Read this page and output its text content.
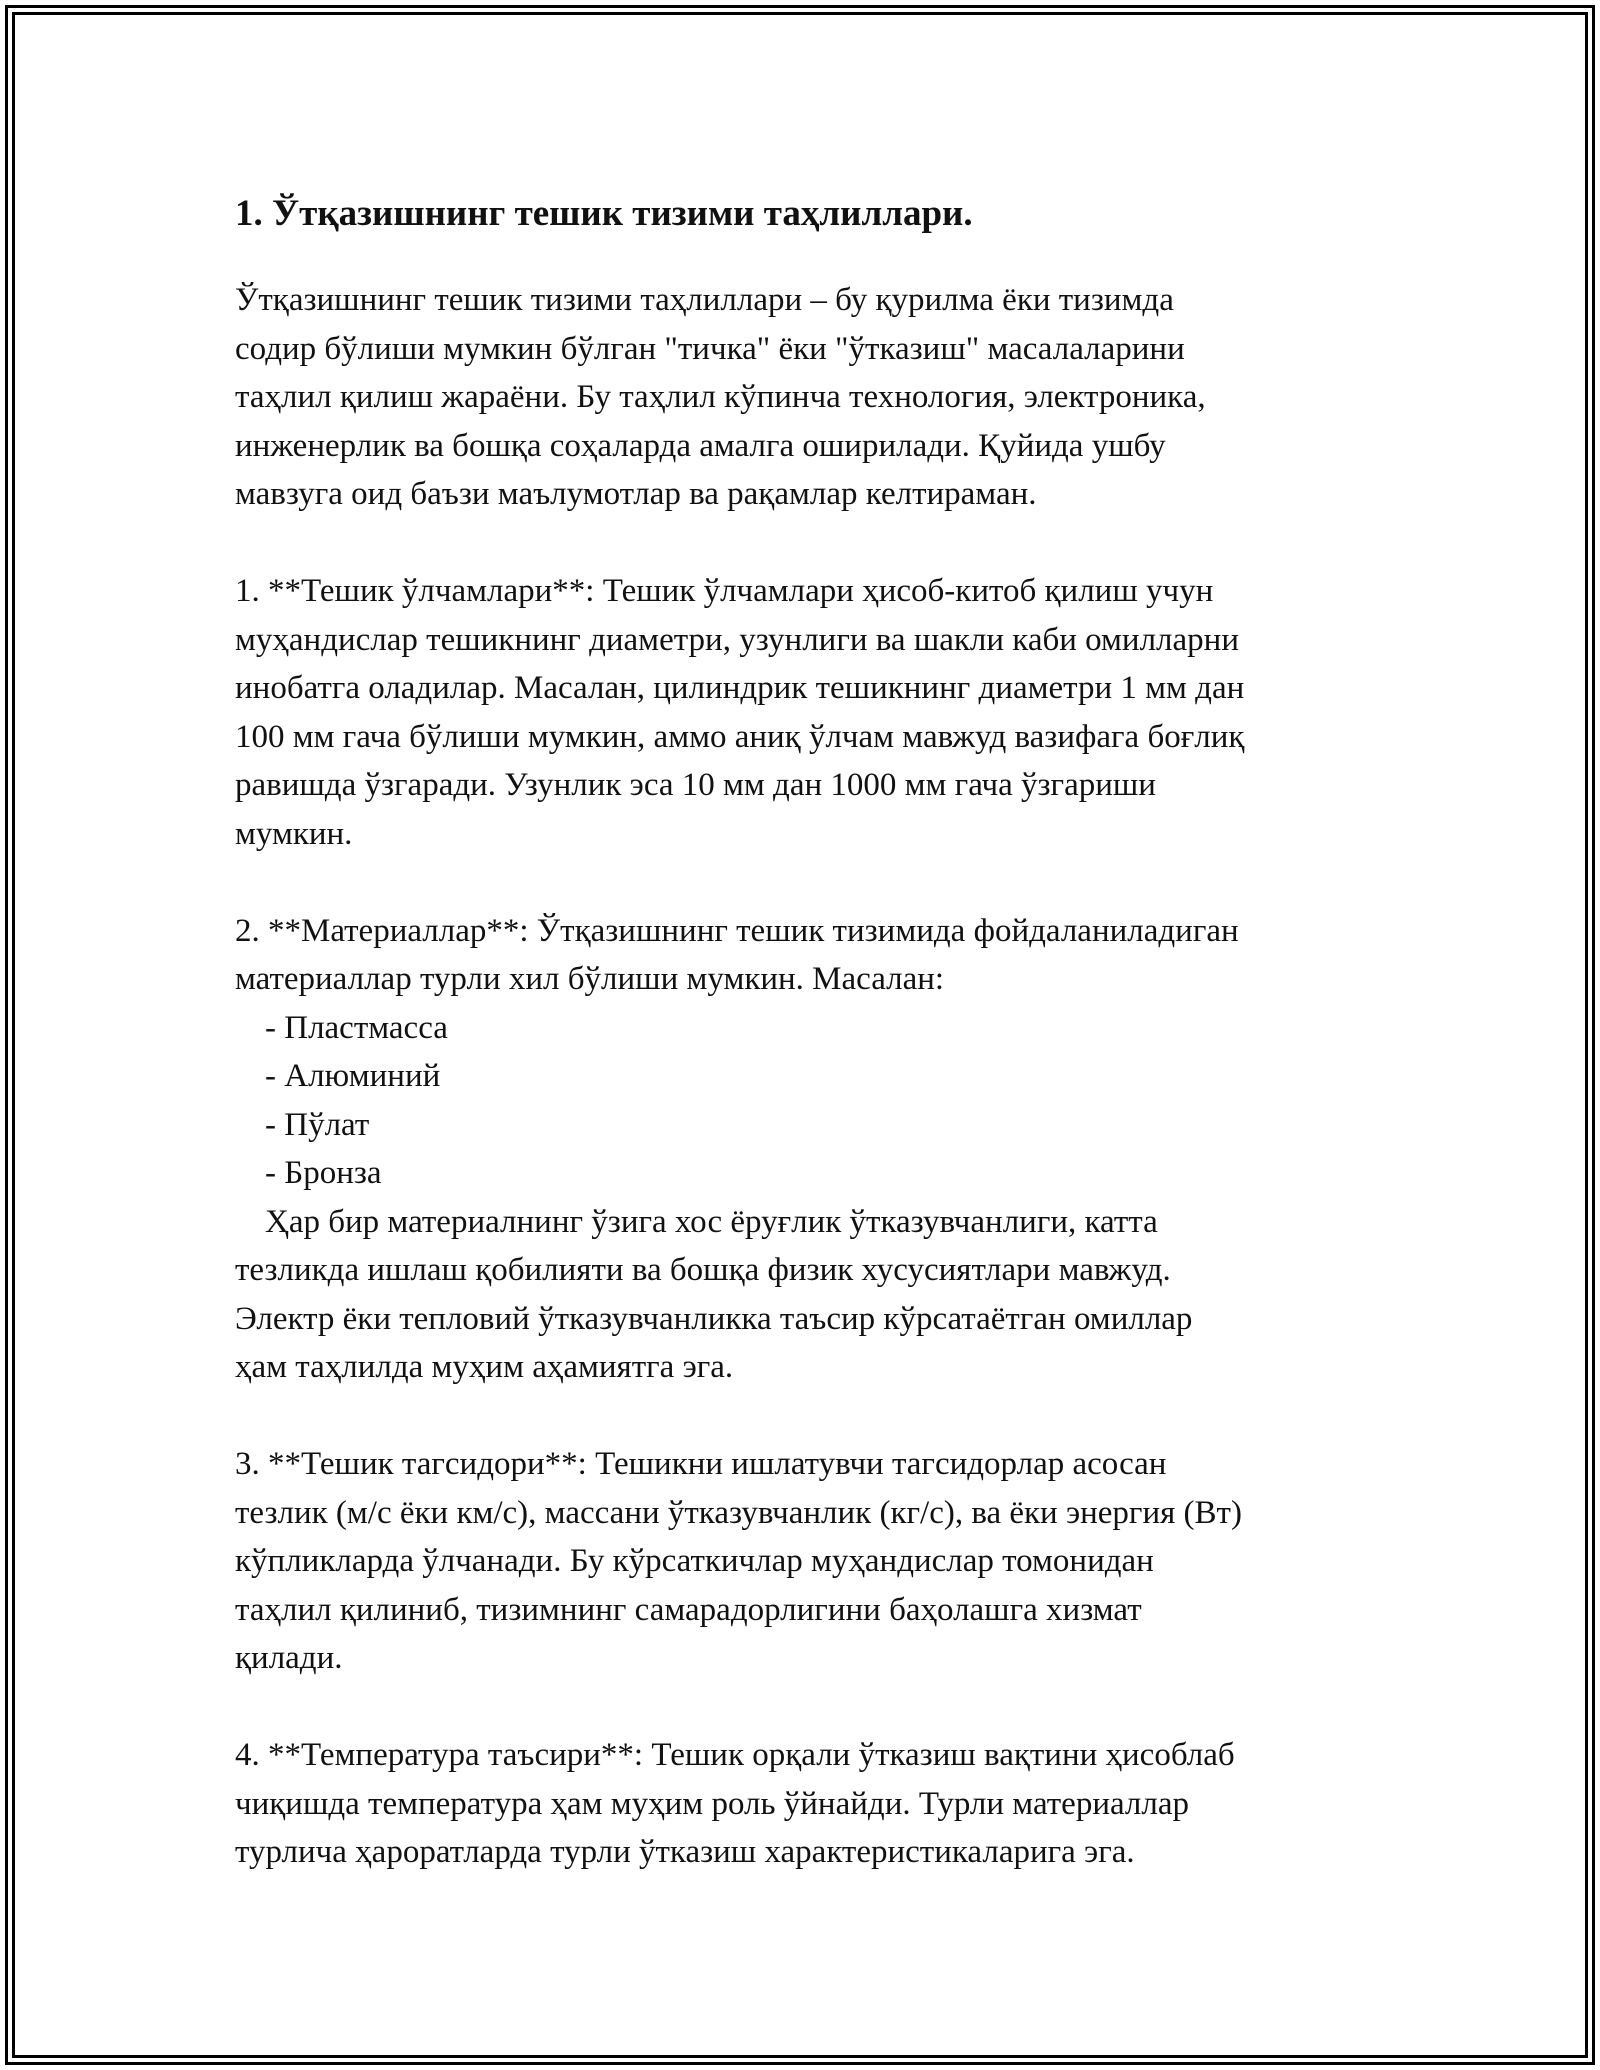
1. Ўтқазишнинг тешик тизими таҳлиллари.
Ўтқазишнинг тешик тизими таҳлиллари – бу қурилма ёки тизимда
содир бўлиши мумкин бўлган "тичка" ёки "ўтказиш" масалаларини
таҳлил қилиш жараёни. Бу таҳлил кўпинча технология, электроника,
инженерлик ва бошқа соҳаларда амалга оширилади. Қуйида ушбу
мавзуга оид баъзи маълумотлар ва рақамлар келтираман.
1. **Тешик ўлчамлари**: Тешик ўлчамлари ҳисоб-китоб қилиш учун
муҳандислар тешикнинг диаметри, узунлиги ва шакли каби омилларни
инобатга оладилар. Масалан, цилиндрик тешикнинг диаметри 1 мм дан
100 мм гача бўлиши мумкин, аммо аниқ ўлчам мавжуд вазифага боғлиқ
равишда ўзгаради. Узунлик эса 10 мм дан 1000 мм гача ўзгариши
мумкин.
2. **Материаллар**: Ўтқазишнинг тешик тизимида фойдаланиладиган
материаллар турли хил бўлиши мумкин. Масалан:
- Пластмасса
- Алюминий
- Пўлат
- Бронза
Ҳар бир материалнинг ўзига хос ёруғлик ўтказувчанлиги, катта
тезликда ишлаш қобилияти ва бошқа физик хусусиятлари мавжуд.
Электр ёки тепловий ўтказувчанликка таъсир кўрсатаётган омиллар
ҳам таҳлилда муҳим аҳамиятга эга.
3. **Тешик тагсидори**: Тешикни ишлатувчи тагсидорлар асосан
тезлик (м/с ёки км/с), массани ўтказувчанлик (кг/с), ва ёки энергия (Вт)
кўпликларда ўлчанади. Бу кўрсаткичлар муҳандислар томонидан
таҳлил қилиниб, тизимнинг самарадорлигини баҳолашга хизмат
қилади.
4. **Температура таъсири**: Тешик орқали ўтказиш вақтини ҳисоблаб
чиқишда температура ҳам муҳим роль ўйнайди. Турли материаллар
турлича ҳароратларда турли ўтказиш характеристикаларига эга.
